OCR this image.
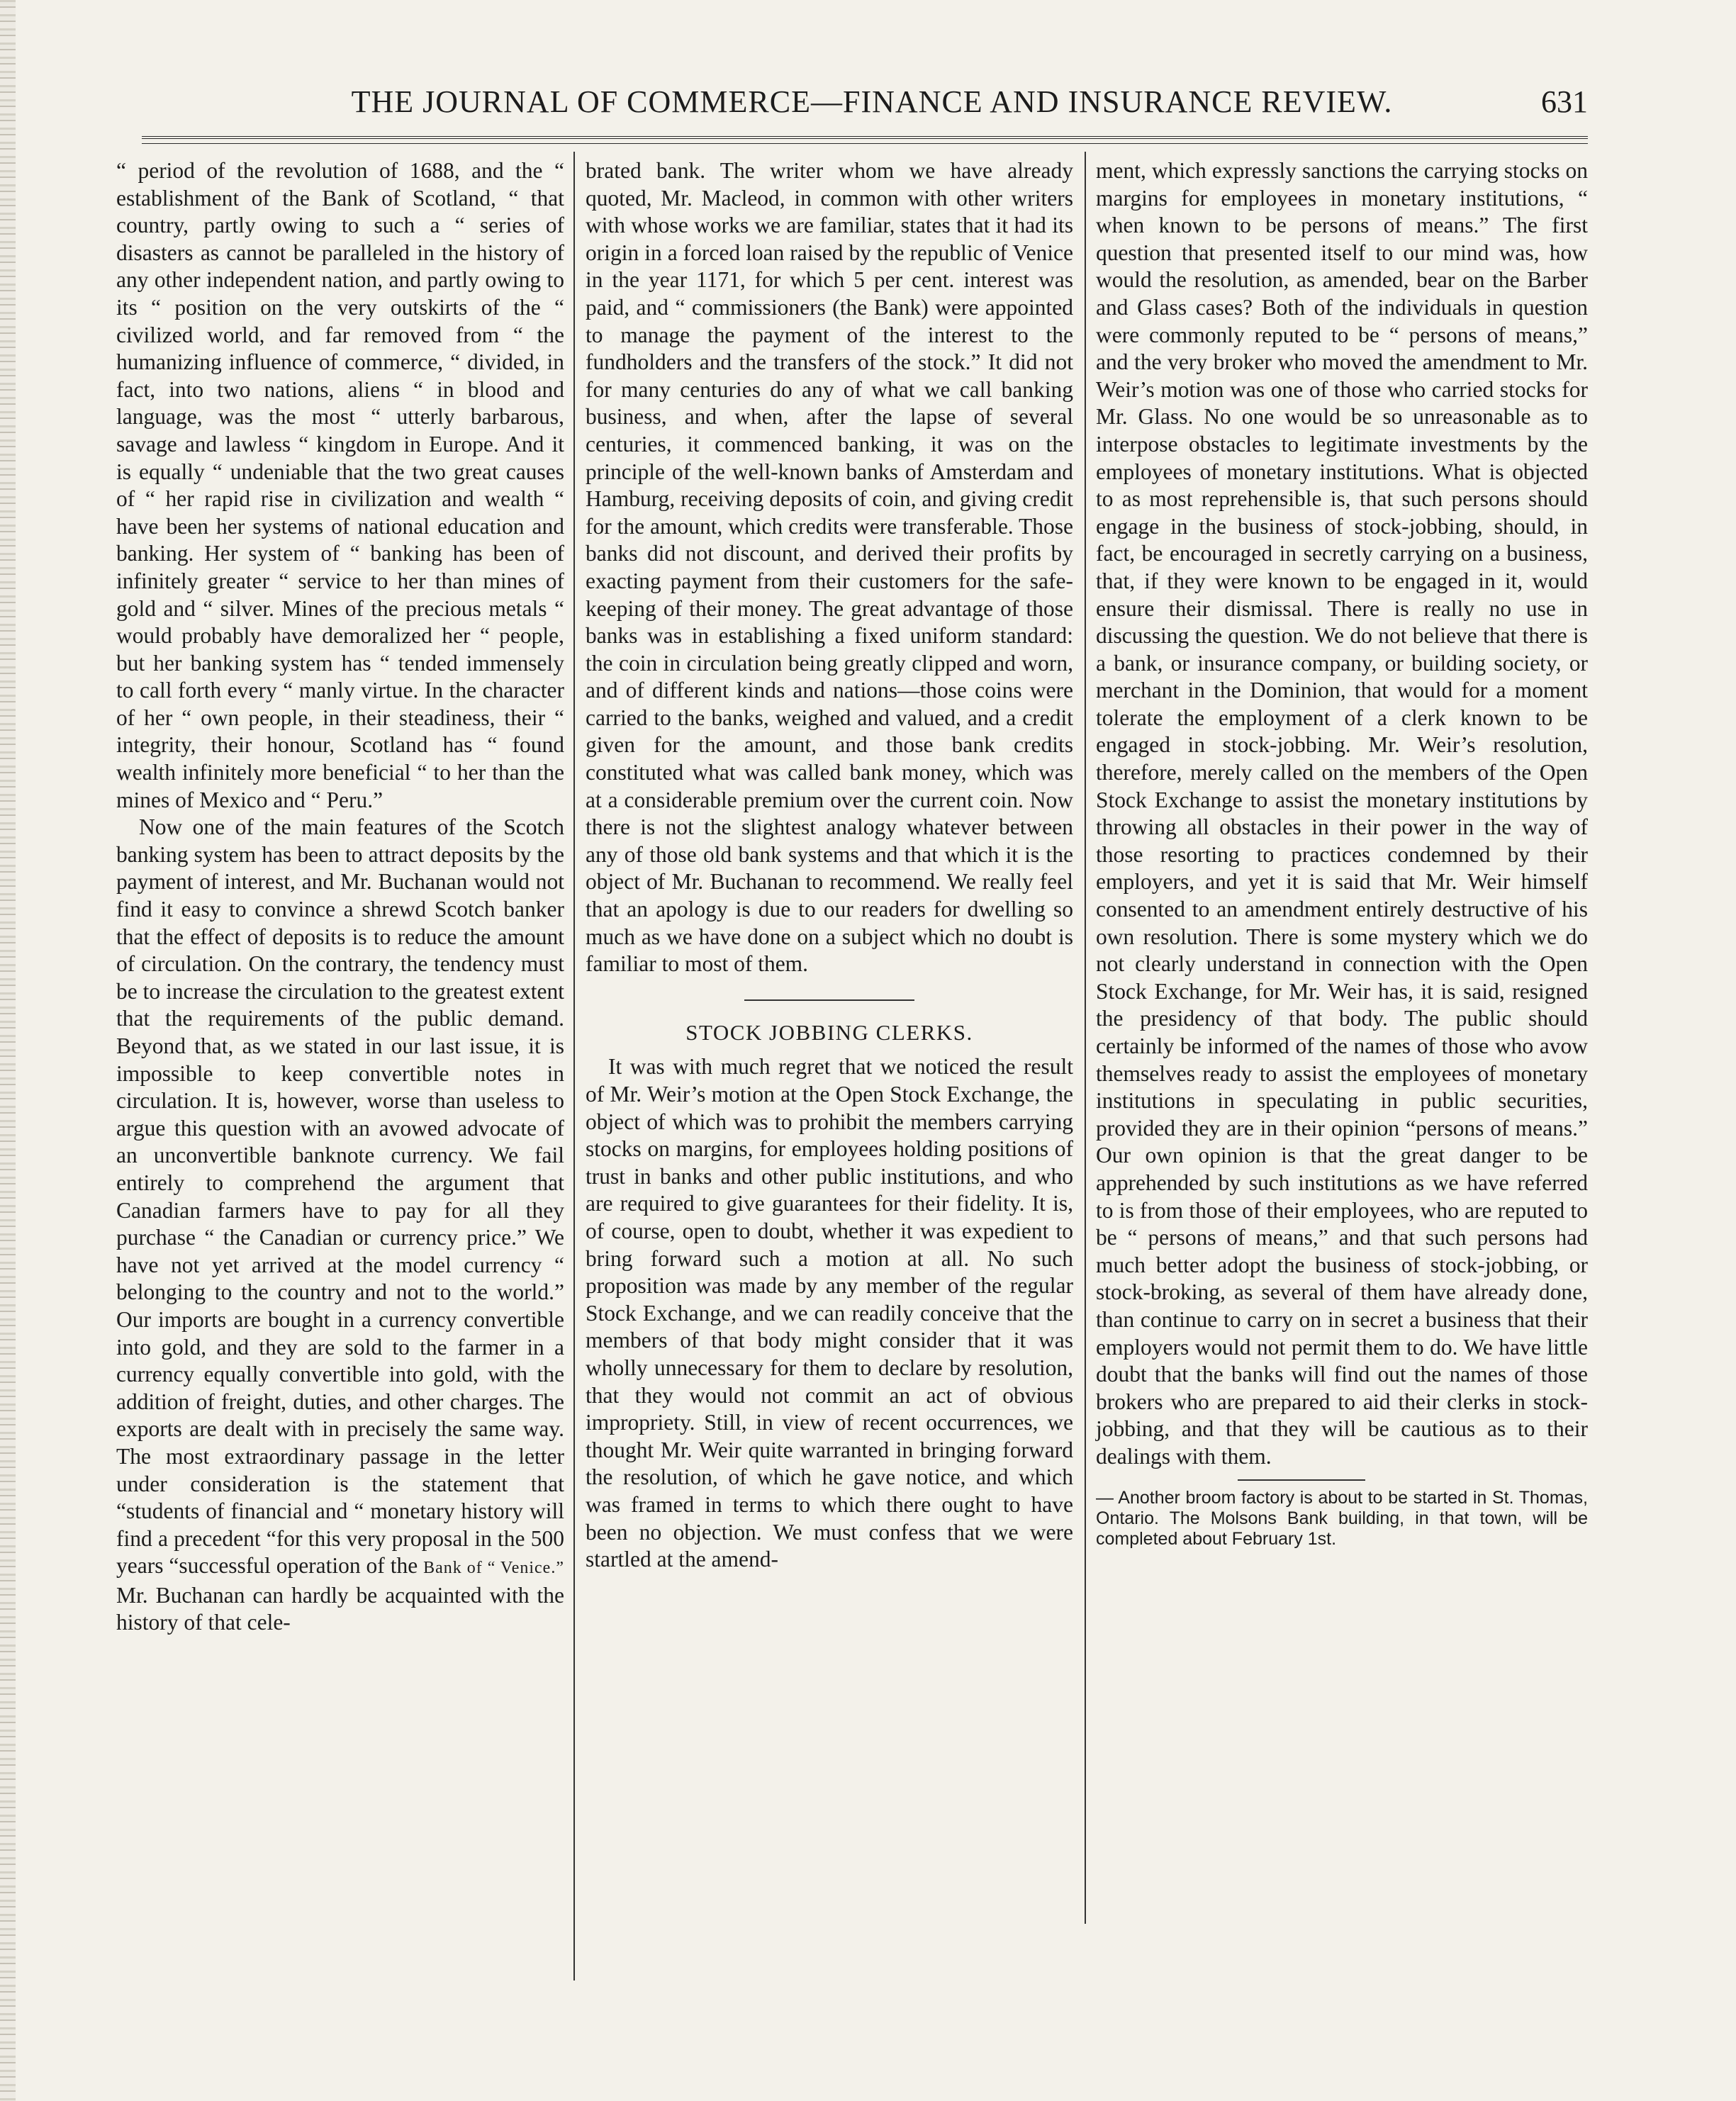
THE JOURNAL OF COMMERCE—FINANCE AND INSURANCE REVIEW.	631

“ period of the revolution of 1688, and the “ establishment of the Bank of Scotland, “ that country, partly owing to such a “ series of disasters as cannot be paralleled in the history of any other independent nation, and partly owing to its “ position on the very outskirts of the “ civilized world, and far removed from “ the humanizing influence of commerce, “ divided, in fact, into two nations, aliens “ in blood and language, was the most “ utterly barbarous, savage and lawless “ kingdom in Europe. And it is equally “ undeniable that the two great causes of “ her rapid rise in civilization and wealth “ have been her systems of national education and banking. Her system of “ banking has been of infinitely greater “ service to her than mines of gold and “ silver. Mines of the precious metals “ would probably have demoralized her “ people, but her banking system has “ tended immensely to call forth every “ manly virtue. In the character of her “ own people, in their steadiness, their “ integrity, their honour, Scotland has “ found wealth infinitely more beneficial “ to her than the mines of Mexico and “ Peru.”

Now one of the main features of the Scotch banking system has been to attract deposits by the payment of interest, and Mr. Buchanan would not find it easy to convince a shrewd Scotch banker that the effect of deposits is to reduce the amount of circulation. On the contrary, the tendency must be to increase the circulation to the greatest extent that the requirements of the public demand. Beyond that, as we stated in our last issue, it is impossible to keep convertible notes in circulation. It is, however, worse than useless to argue this question with an avowed advocate of an unconvertible banknote currency. We fail entirely to comprehend the argument that Canadian farmers have to pay for all they purchase “ the Canadian or currency price.” We have not yet arrived at the model currency “ belonging to the country and not to the world.” Our imports are bought in a currency convertible into gold, and they are sold to the farmer in a currency equally convertible into gold, with the addition of freight, duties, and other charges. The exports are dealt with in precisely the same way. The most extraordinary passage in the letter under consideration is the statement that “students of financial and “ monetary history will find a precedent “for this very proposal in the 500 years “successful operation of the Bank of “ Venice.” Mr. Buchanan can hardly be acquainted with the history of that cele-

brated bank. The writer whom we have already quoted, Mr. Macleod, in common with other writers with whose works we are familiar, states that it had its origin in a forced loan raised by the republic of Venice in the year 1171, for which 5 per cent. interest was paid, and “ commissioners (the Bank) were appointed to manage the payment of the interest to the fundholders and the transfers of the stock.” It did not for many centuries do any of what we call banking business, and when, after the lapse of several centuries, it commenced banking, it was on the principle of the well-known banks of Amsterdam and Hamburg, receiving deposits of coin, and giving credit for the amount, which credits were transferable. Those banks did not discount, and derived their profits by exacting payment from their customers for the safe-keeping of their money. The great advantage of those banks was in establishing a fixed uniform standard: the coin in circulation being greatly clipped and worn, and of different kinds and nations—those coins were carried to the banks, weighed and valued, and a credit given for the amount, and those bank credits constituted what was called bank money, which was at a considerable premium over the current coin. Now there is not the slightest analogy whatever between any of those old bank systems and that which it is the object of Mr. Buchanan to recommend. We really feel that an apology is due to our readers for dwelling so much as we have done on a subject which no doubt is familiar to most of them.

STOCK JOBBING CLERKS.

It was with much regret that we noticed the result of Mr. Weir’s motion at the Open Stock Exchange, the object of which was to prohibit the members carrying stocks on margins, for employees holding positions of trust in banks and other public institutions, and who are required to give guarantees for their fidelity. It is, of course, open to doubt, whether it was expedient to bring forward such a motion at all. No such proposition was made by any member of the regular Stock Exchange, and we can readily conceive that the members of that body might consider that it was wholly unnecessary for them to declare by resolution, that they would not commit an act of obvious impropriety. Still, in view of recent occurrences, we thought Mr. Weir quite warranted in bringing forward the resolution, of which he gave notice, and which was framed in terms to which there ought to have been no objection. We must confess that we were startled at the amend-

ment, which expressly sanctions the carrying stocks on margins for employees in monetary institutions, “ when known to be persons of means.” The first question that presented itself to our mind was, how would the resolution, as amended, bear on the Barber and Glass cases? Both of the individuals in question were commonly reputed to be “ persons of means,” and the very broker who moved the amendment to Mr. Weir’s motion was one of those who carried stocks for Mr. Glass. No one would be so unreasonable as to interpose obstacles to legitimate investments by the employees of monetary institutions. What is objected to as most reprehensible is, that such persons should engage in the business of stock-jobbing, should, in fact, be encouraged in secretly carrying on a business, that, if they were known to be engaged in it, would ensure their dismissal. There is really no use in discussing the question. We do not believe that there is a bank, or insurance company, or building society, or merchant in the Dominion, that would for a moment tolerate the employment of a clerk known to be engaged in stock-jobbing. Mr. Weir’s resolution, therefore, merely called on the members of the Open Stock Exchange to assist the monetary institutions by throwing all obstacles in their power in the way of those resorting to practices condemned by their employers, and yet it is said that Mr. Weir himself consented to an amendment entirely destructive of his own resolution. There is some mystery which we do not clearly understand in connection with the Open Stock Exchange, for Mr. Weir has, it is said, resigned the presidency of that body. The public should certainly be informed of the names of those who avow themselves ready to assist the employees of monetary institutions in speculating in public securities, provided they are in their opinion “persons of means.” Our own opinion is that the great danger to be apprehended by such institutions as we have referred to is from those of their employees, who are reputed to be “ persons of means,” and that such persons had much better adopt the business of stock-jobbing, or stock-broking, as several of them have already done, than continue to carry on in secret a business that their employers would not permit them to do. We have little doubt that the banks will find out the names of those brokers who are prepared to aid their clerks in stock-jobbing, and that they will be cautious as to their dealings with them.

— Another broom factory is about to be started in St. Thomas, Ontario. The Molsons Bank building, in that town, will be completed about February 1st.
